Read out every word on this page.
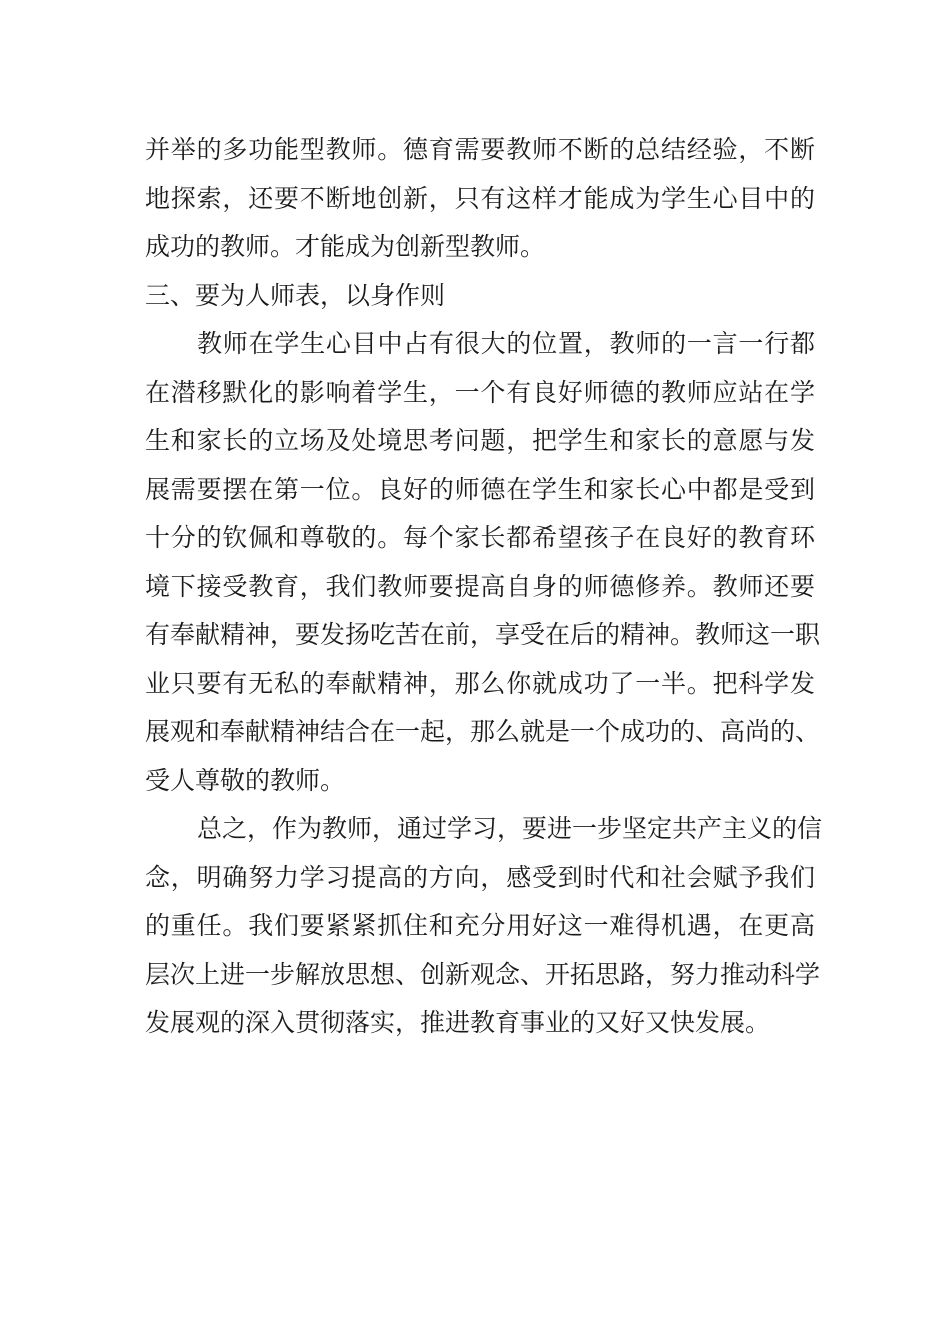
并举的多功能型教师。德育需要教师不断的总结经验，不断
地探索，还要不断地创新，只有这样才能成为学生心目中的
成功的教师。才能成为创新型教师。
三、要为人师表，以身作则
教师在学生心目中占有很大的位置，教师的一言一行都
在潜移默化的影响着学生，一个有良好师德的教师应站在学
生和家长的立场及处境思考问题，把学生和家长的意愿与发
展需要摆在第一位。良好的师德在学生和家长心中都是受到
十分的钦佩和尊敬的。每个家长都希望孩子在良好的教育环
境下接受教育，我们教师要提高自身的师德修养。教师还要
有奉献精神，要发扬吃苦在前，享受在后的精神。教师这一职
业只要有无私的奉献精神，那么你就成功了一半。把科学发
展观和奉献精神结合在一起，那么就是一个成功的、高尚的、
受人尊敬的教师。
总之，作为教师，通过学习，要进一步坚定共产主义的信
念，明确努力学习提高的方向，感受到时代和社会赋予我们
的重任。我们要紧紧抓住和充分用好这一难得机遇，在更高
层次上进一步解放思想、创新观念、开拓思路，努力推动科学
发展观的深入贯彻落实，推进教育事业的又好又快发展。
